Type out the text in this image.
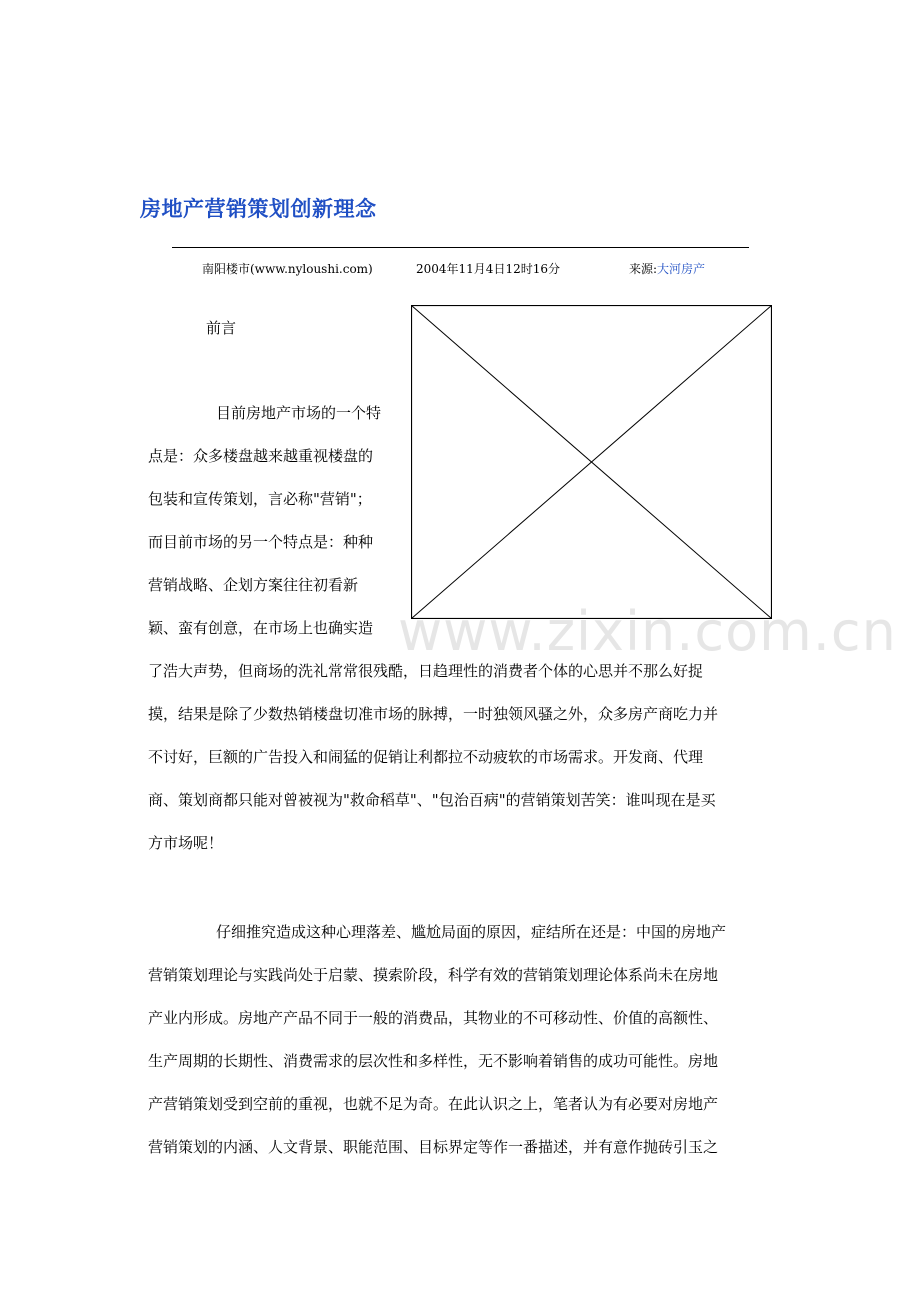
房地产营销策划创新理念
南阳楼市(www.nyloushi.com)	2004年11月4日12时16分	来源:大河房产
www.zixin.com.cn
前言
目前房地产市场的一个特
点是：众多楼盘越来越重视楼盘的
包装和宣传策划，言必称"营销"；
而目前市场的另一个特点是：种种
营销战略、企划方案往往初看新
颖、蛮有创意，在市场上也确实造
了浩大声势，但商场的洗礼常常很残酷，日趋理性的消费者个体的心思并不那么好捉
摸，结果是除了少数热销楼盘切准市场的脉搏，一时独领风骚之外，众多房产商吃力并
不讨好，巨额的广告投入和闹猛的促销让利都拉不动疲软的市场需求。开发商、代理
商、策划商都只能对曾被视为"救命稻草"、"包治百病"的营销策划苦笑：谁叫现在是买
方市场呢！
仔细推究造成这种心理落差、尴尬局面的原因，症结所在还是：中国的房地产
营销策划理论与实践尚处于启蒙、摸索阶段，科学有效的营销策划理论体系尚未在房地
产业内形成。房地产产品不同于一般的消费品，其物业的不可移动性、价值的高额性、
生产周期的长期性、消费需求的层次性和多样性，无不影响着销售的成功可能性。房地
产营销策划受到空前的重视，也就不足为奇。在此认识之上，笔者认为有必要对房地产
营销策划的内涵、人文背景、职能范围、目标界定等作一番描述，并有意作抛砖引玉之
